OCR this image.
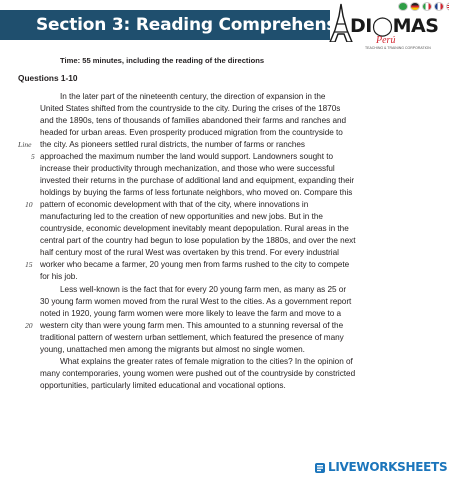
Section 3: Reading Comprehension
DI◯MAS
Perú
TEACHING & TRAINING CORPORATION
Time: 55 minutes, including the reading of the directions
Questions 1-10
In the later part of the nineteenth century, the direction of expansion in the
United States shifted from the countryside to the city. During the crises of the 1870s
and the 1890s, tens of thousands of families abandoned their farms and ranches and
headed for urban areas. Even prosperity produced migration from the countryside to
the city. As pioneers settled rural districts, the number of farms or ranches
approached the maximum number the land would support. Landowners sought to
increase their productivity through mechanization, and those who were successful
invested their returns in the purchase of additional land and equipment, expanding their
holdings by buying the farms of less fortunate neighbors, who moved on. Compare this
pattern of economic development with that of the city, where innovations in
manufacturing led to the creation of new opportunities and new jobs. But in the
countryside, economic development inevitably meant depopulation. Rural areas in the
central part of the country had begun to lose population by the 1880s, and over the next
half century most of the rural West was overtaken by this trend. For every industrial
worker who became a farmer, 20 young men from farms rushed to the city to compete
for his job.
Less well-known is the fact that for every 20 young farm men, as many as 25 or
30 young farm women moved from the rural West to the cities. As a government report
noted in 1920, young farm women were more likely to leave the farm and move to a
western city than were young farm men. This amounted to a stunning reversal of the
traditional pattern of western urban settlement, which featured the presence of many
young, unattached men among the migrants but almost no single women.
What explains the greater rates of female migration to the cities? In the opinion of
many contemporaries, young women were pushed out of the countryside by constricted
opportunities, particularly limited educational and vocational options.
Line
5
10
15
20
LIVEWORKSHEETS
